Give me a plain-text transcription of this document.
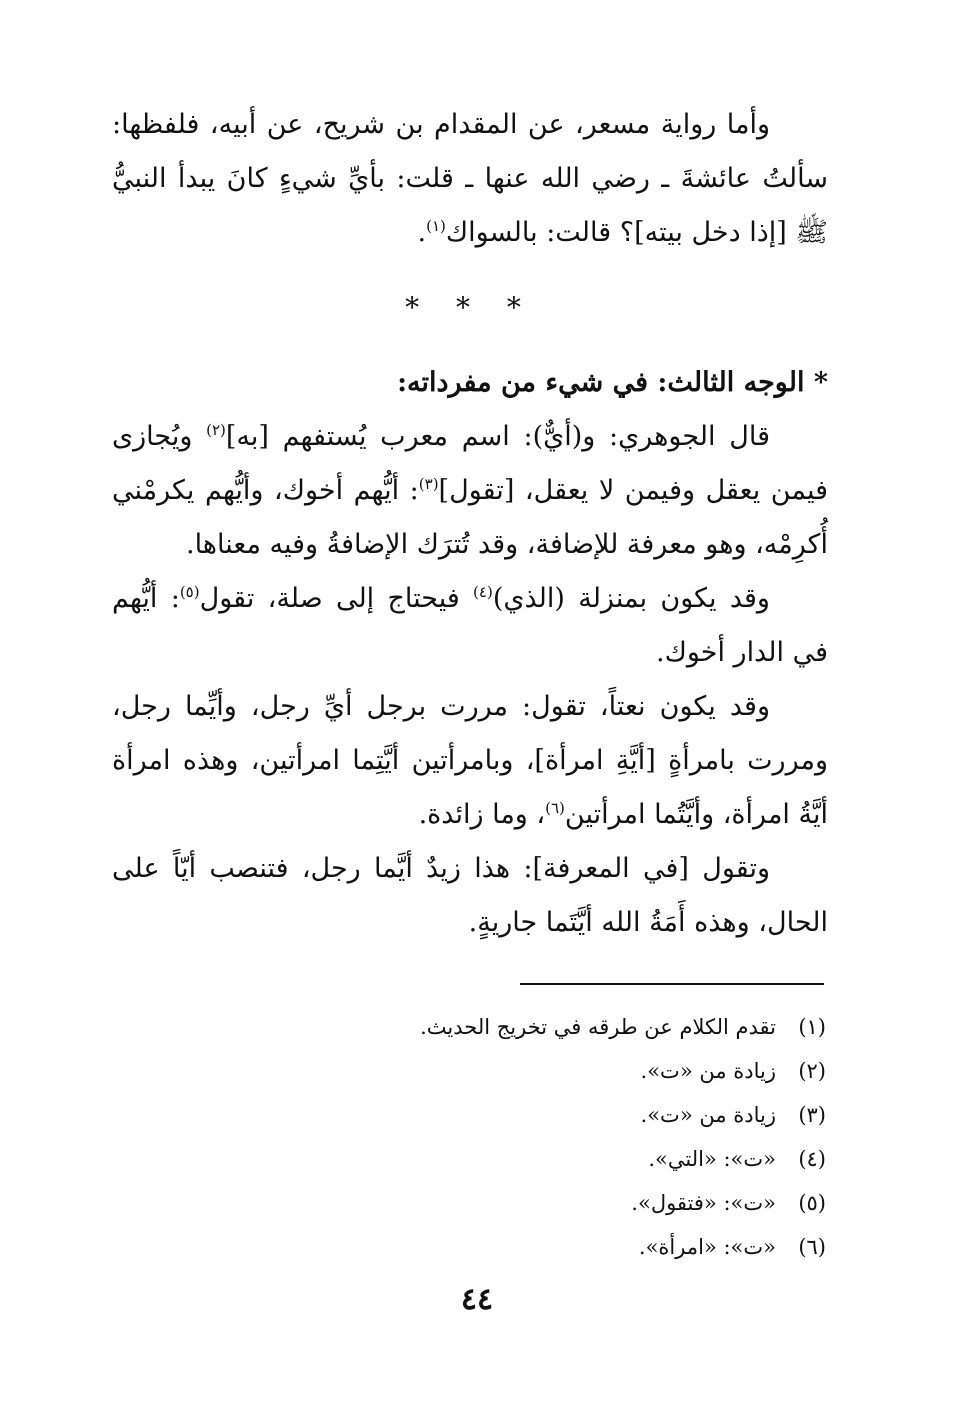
وأما رواية مسعر، عن المقدام بن شريح، عن أبيه، فلفظها: سألتُ عائشةَ ـ رضي الله عنها ـ قلت: بأيِّ شيءٍ كانَ يبدأ النبيُّ ﷺ [إذا دخل بيته]؟ قالت: بالسواك$^{(١)}$.

* * *

* الوجه الثالث: في شيء من مفرداته:

قال الجوهري: و(أيٌّ): اسم معرب يُستفهم [به]$^{(٢)}$ ويُجازى فيمن يعقل وفيمن لا يعقل، [تقول]$^{(٣)}$: أيُّهم أخوك، وأيُّهم يكرمْني أُكرِمْه، وهو معرفة للإضافة، وقد تُترَك الإضافةُ وفيه معناها.

وقد يكون بمنزلة (الذي)$^{(٤)}$ فيحتاج إلى صلة، تقول$^{(٥)}$: أيُّهم في الدار أخوك.

وقد يكون نعتاً، تقول: مررت برجل أيِّ رجل، وأيِّما رجل، ومررت بامرأةٍ [أيَّةِ امرأة]، وبامرأتين أيَّتِما امرأتين، وهذه امرأة أيَّةُ امرأة، وأيَّتُما امرأتين$^{(٦)}$، وما زائدة.

وتقول [في المعرفة]: هذا زيدٌ أيَّما رجل، فتنصب أيّاً على الحال، وهذه أَمَةُ الله أيَّتَما جاريةٍ.

(١)
تقدم الكلام عن طرقه في تخريج الحديث.
(٢)
زيادة من «ت».
(٣)
زيادة من «ت».
(٤)
«ت»: «التي».
(٥)
«ت»: «فتقول».
(٦)
«ت»: «امرأة».
٤٤
